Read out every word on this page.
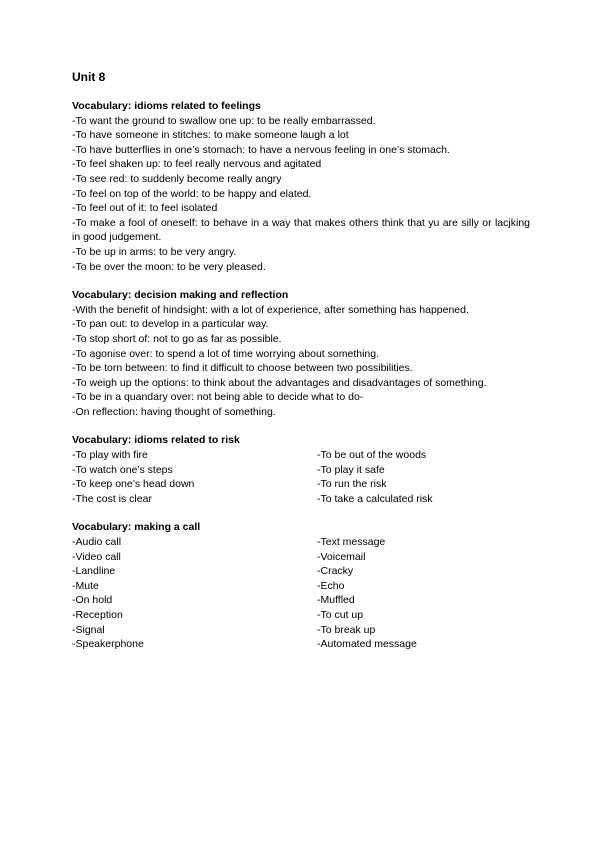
Unit 8
Vocabulary: idioms related to feelings
-To want the ground to swallow one up: to be really embarrassed.
-To have someone in stitches: to make someone laugh a lot
-To have butterflies in one’s stomach: to have a nervous feeling in one’s stomach.
-To feel shaken up: to feel really nervous and agitated
-To see red: to suddenly become really angry
-To feel on top of the world: to be happy and elated.
-To feel out of it: to feel isolated
-To make a fool of oneself: to behave in a way that makes others think that yu are silly or lacjking in good judgement.
-To be up in arms: to be very angry.
-To be over the moon: to be very pleased.
Vocabulary: decision making and reflection
-With the benefit of hindsight: with a lot of experience, after something has happened.
-To pan out: to develop in a particular way.
-To stop short of: not to go as far as possible.
-To agonise over: to spend a lot of time worrying about something.
-To be torn between: to find it difficult to choose between two possibilities.
-To weigh up the options: to think about the advantages and disadvantages of something.
-To be in a quandary over: not being able to decide what to do-
-On reflection: having thought of something.
Vocabulary: idioms related to risk
-To play with fire
-To watch one’s steps
-To keep one’s head down
-The cost is clear
-To be out of the woods
-To play it safe
-To run the risk
-To take a calculated risk
Vocabulary: making a call
-Audio call
-Video call
-Landline
-Mute
-On hold
-Reception
-Signal
-Speakerphone
-Text message
-Voicemail
-Cracky
-Echo
-Muffled
-To cut up
-To break up
-Automated message
